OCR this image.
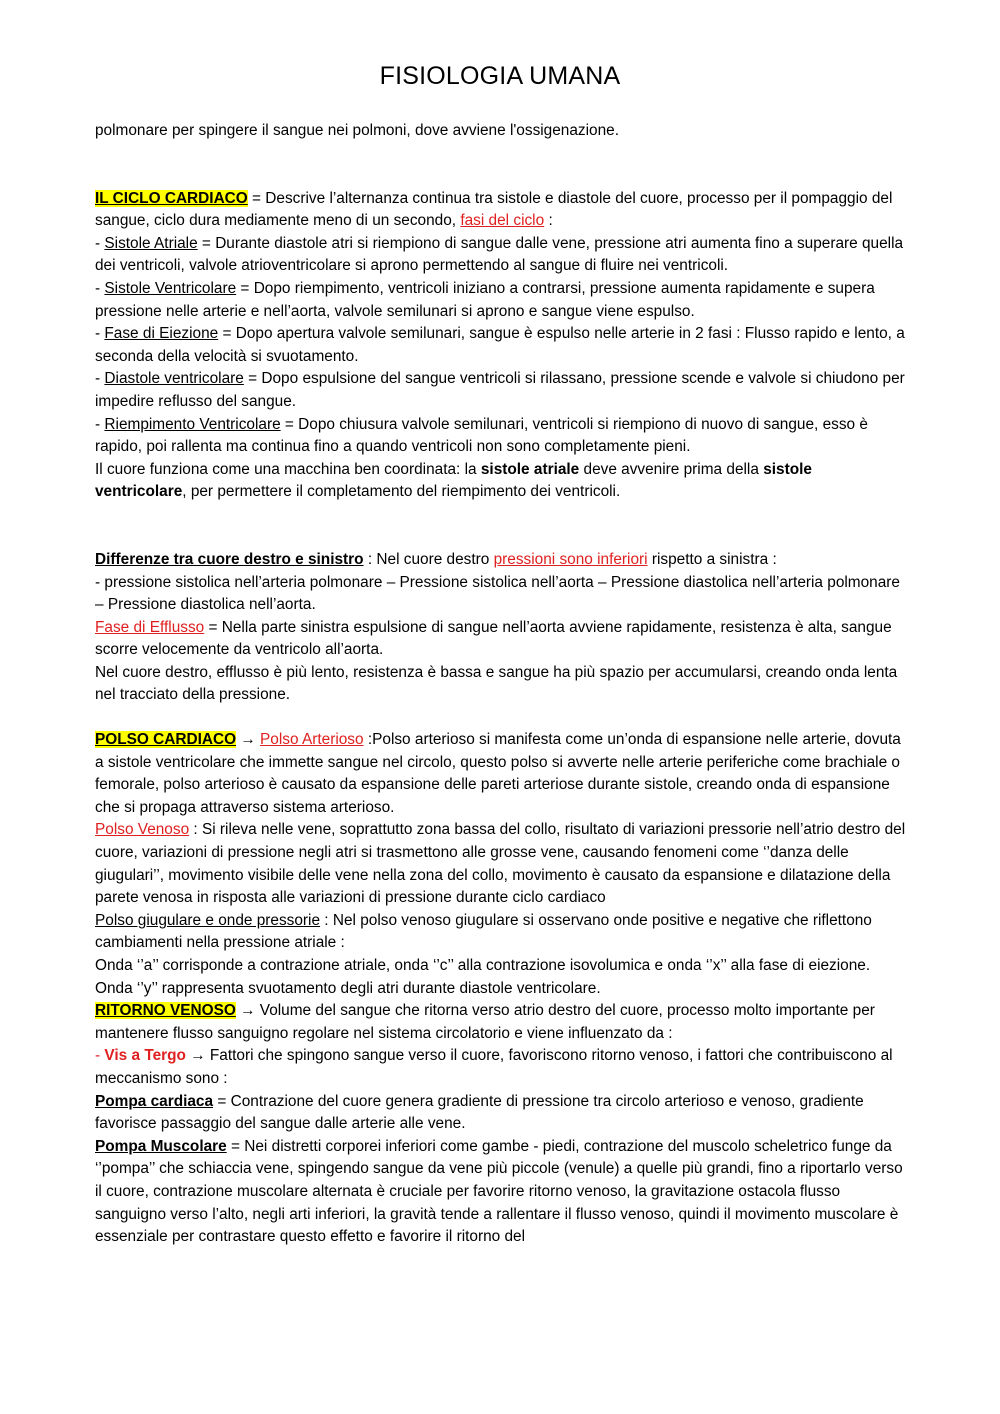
FISIOLOGIA UMANA

polmonare per spingere il sangue nei polmoni, dove avviene l'ossigenazione.

IL CICLO CARDIACO = Descrive l’alternanza continua tra sistole e diastole del cuore, processo per il pompaggio del sangue, ciclo dura mediamente meno di un secondo, fasi del ciclo :

- Sistole Atriale = Durante diastole atri si riempiono di sangue dalle vene, pressione atri aumenta fino a superare quella dei ventricoli, valvole atrioventricolare si aprono permettendo al sangue di fluire nei ventricoli.

- Sistole Ventricolare = Dopo riempimento, ventricoli iniziano a contrarsi, pressione aumenta rapidamente e supera pressione nelle arterie e nell’aorta, valvole semilunari si aprono e sangue viene espulso.

- Fase di Eiezione = Dopo apertura valvole semilunari, sangue è espulso nelle arterie in 2 fasi : Flusso rapido e lento, a seconda della velocità si svuotamento.

- Diastole ventricolare = Dopo espulsione del sangue ventricoli si rilassano, pressione scende e valvole si chiudono per impedire reflusso del sangue.

- Riempimento Ventricolare = Dopo chiusura valvole semilunari, ventricoli si riempiono di nuovo di sangue, esso è rapido, poi rallenta ma continua fino a quando ventricoli non sono completamente pieni.

Il cuore funziona come una macchina ben coordinata: la sistole atriale deve avvenire prima della sistole ventricolare, per permettere il completamento del riempimento dei ventricoli.

Differenze tra cuore destro e sinistro : Nel cuore destro pressioni sono inferiori rispetto a sinistra :

- pressione sistolica nell’arteria polmonare – Pressione sistolica nell’aorta – Pressione diastolica nell’arteria polmonare – Pressione diastolica nell’aorta.

Fase di Efflusso = Nella parte sinistra espulsione di sangue nell’aorta avviene rapidamente, resistenza è alta, sangue scorre velocemente da ventricolo all’aorta.

Nel cuore destro, efflusso è più lento, resistenza è bassa e sangue ha più spazio per accumularsi, creando onda lenta nel tracciato della pressione.

POLSO CARDIACO → Polso Arterioso :Polso arterioso si manifesta come un’onda di espansione nelle arterie, dovuta a sistole ventricolare che immette sangue nel circolo, questo polso si avverte nelle arterie periferiche come brachiale o femorale, polso arterioso è causato da espansione delle pareti arteriose durante sistole, creando onda di espansione che si propaga attraverso sistema arterioso.

Polso Venoso : Si rileva nelle vene, soprattutto zona bassa del collo, risultato di variazioni pressorie nell’atrio destro del cuore, variazioni di pressione negli atri si trasmettono alle grosse vene, causando fenomeni come ‘’danza delle giugulari’’, movimento visibile delle vene nella zona del collo, movimento è causato da espansione e dilatazione della parete venosa in risposta alle variazioni di pressione durante ciclo cardiaco

Polso giugulare e onde pressorie : Nel polso venoso giugulare si osservano onde positive e negative che riflettono cambiamenti nella pressione atriale :

Onda ‘’a’’ corrisponde a contrazione atriale, onda ‘’c’’ alla contrazione isovolumica e onda ‘’x’’ alla fase di eiezione. Onda ‘’y’’ rappresenta svuotamento degli atri durante diastole ventricolare.

RITORNO VENOSO → Volume del sangue che ritorna verso atrio destro del cuore, processo molto importante per mantenere flusso sanguigno regolare nel sistema circolatorio e viene influenzato da :

- Vis a Tergo → Fattori che spingono sangue verso il cuore, favoriscono ritorno venoso, i fattori che contribuiscono al meccanismo sono :

Pompa cardiaca = Contrazione del cuore genera gradiente di pressione tra circolo arterioso e venoso, gradiente favorisce passaggio del sangue dalle arterie alle vene.

Pompa Muscolare = Nei distretti corporei inferiori come gambe - piedi, contrazione del muscolo scheletrico funge da ‘’pompa’’ che schiaccia vene, spingendo sangue da vene più piccole (venule) a quelle più grandi, fino a riportarlo verso il cuore, contrazione muscolare alternata è cruciale per favorire ritorno venoso, la gravitazione ostacola flusso sanguigno verso l’alto, negli arti inferiori, la gravità tende a rallentare il flusso venoso, quindi il movimento muscolare è essenziale per contrastare questo effetto e favorire il ritorno del
